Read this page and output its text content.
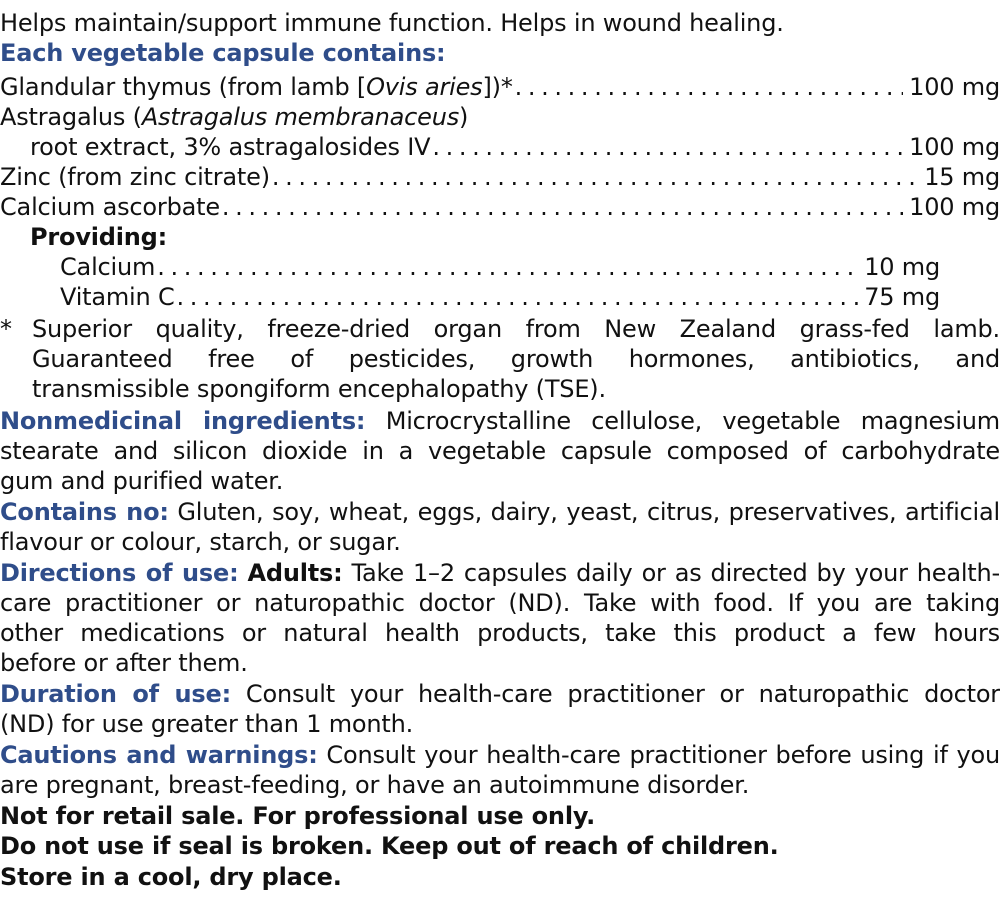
Helps maintain/support immune function. Helps in wound healing.
Each vegetable capsule contains:
Glandular thymus (from lamb [Ovis aries])* . . .	100 mg
Astragalus (Astragalus membranaceus)
root extract, 3% astragalosides IV . . .	100 mg
Zinc (from zinc citrate) . . .	15 mg
Calcium ascorbate . . .	100 mg
Providing:
Calcium . . .	10 mg
Vitamin C . . .	75 mg
* Superior quality, freeze-dried organ from New Zealand grass-fed lamb.
Guaranteed free of pesticides, growth hormones, antibiotics, and
transmissible spongiform encephalopathy (TSE).
Nonmedicinal ingredients: Microcrystalline cellulose, vegetable magnesium
stearate and silicon dioxide in a vegetable capsule composed of carbohydrate
gum and purified water.
Contains no: Gluten, soy, wheat, eggs, dairy, yeast, citrus, preservatives, artificial
flavour or colour, starch, or sugar.
Directions of use: Adults: Take 1–2 capsules daily or as directed by your health-
care practitioner or naturopathic doctor (ND). Take with food. If you are taking
other medications or natural health products, take this product a few hours
before or after them.
Duration of use: Consult your health-care practitioner or naturopathic doctor
(ND) for use greater than 1 month.
Cautions and warnings: Consult your health-care practitioner before using if you
are pregnant, breast-feeding, or have an autoimmune disorder.
Not for retail sale. For professional use only.
Do not use if seal is broken. Keep out of reach of children.
Store in a cool, dry place.
